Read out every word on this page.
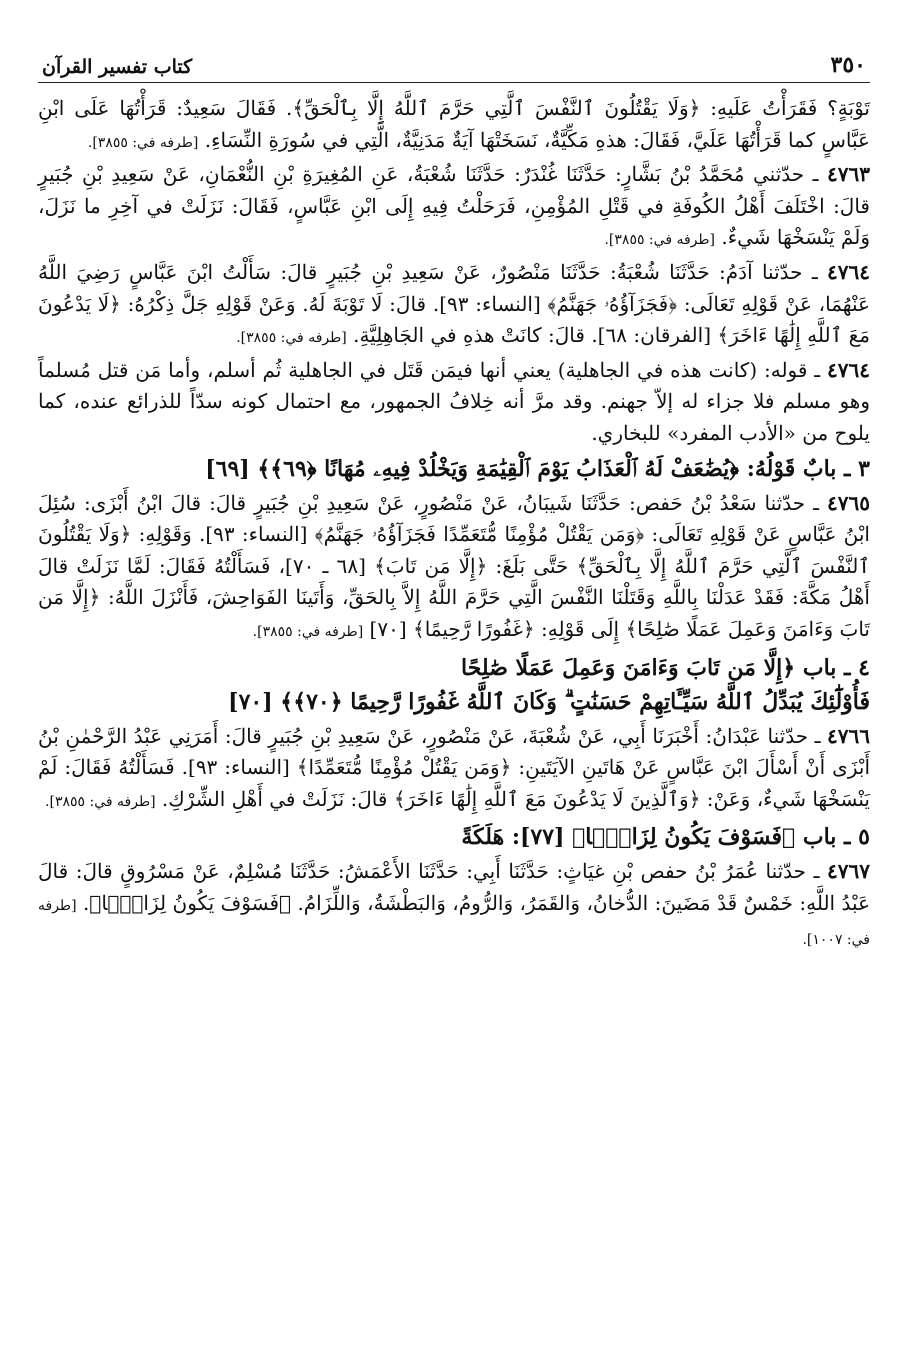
٣٥٠
كتاب تفسير القرآن

تَوْبَةٍ؟ فَقَرَأْتُ عَلَيهِ: ﴿وَلَا يَقْتُلُونَ ٱلنَّفْسَ ٱلَّتِي حَرَّمَ ٱللَّهُ إِلَّا بِٱلْحَقِّ﴾. فَقَالَ سَعِيدٌ: قَرَأْتُهَا عَلَى ابْنِ عَبَّاسٍ كما قَرَأْتُهَا عَلَيَّ، فَقَالَ: هذهِ مَكِّيَّةٌ، نَسَخَتْهَا آيَةٌ مَدَنِيَّةٌ، الَّتِي في سُورَةِ النِّسَاءِ. [طرفه في: ٣٨٥٥].

٤٧٦٣ ـ حدّثني مُحَمَّدُ بْنُ بَشَّارٍ: حَدَّثَنَا غُنْدَرٌ: حَدَّثَنَا شُعْبَةُ، عَنِ المُغِيرَةِ بْنِ النُّعْمَانِ، عَنْ سَعِيدِ بْنِ جُبَيرٍ قالَ: اخْتَلَفَ أَهْلُ الكُوفَةِ في قَتْلِ المُؤْمِنِ، فَرَحَلْتُ فِيهِ إِلَى ابْنِ عَبَّاسٍ، فَقَالَ: نَزَلَتْ في آخِرِ ما نَزَلَ، وَلَمْ يَنْسَخْهَا شَيءٌ. [طرفه في: ٣٨٥٥].

٤٧٦٤ ـ حدّثنا آدَمُ: حَدَّثَنَا شُعْبَةُ: حَدَّثَنَا مَنْصُورٌ، عَنْ سَعِيدِ بْنِ جُبَيرٍ قالَ: سَأَلْتُ ابْنَ عَبَّاسٍ رَضِيَ اللَّهُ عَنْهُمَا، عَنْ قَوْلِهِ تَعَالَى: ﴿فَجَزَآؤُهُۥ جَهَنَّمُ﴾ [النساء: ٩٣]. قالَ: لَا تَوْبَةَ لَهُ. وَعَنْ قَوْلِهِ جَلَّ ذِكْرُهُ: ﴿لَا يَدْعُونَ مَعَ ٱللَّهِ إِلَٰهًا ءَاخَرَ﴾ [الفرقان: ٦٨]. قالَ: كانَتْ هذهِ في الجَاهِلِيَّةِ. [طرفه في: ٣٨٥٥].

٤٧٦٤ ـ قوله: (كانت هذه في الجاهلية) يعني أنها فيمَن قَتَل في الجاهلية ثُم أسلم، وأما مَن قتل مُسلماً وهو مسلم فلا جزاء له إلاّ جهنم. وقد مرَّ أنه خِلافُ الجمهور، مع احتمال كونه سدّاً للذرائع عنده، كما يلوح من «الأدب المفرد» للبخاري.

٣ ـ بابٌ قَوْلُهُ: ﴿يُضَٰعَفْ لَهُ ٱلْعَذَابُ يَوْمَ ٱلْقِيَٰمَةِ وَيَخْلُدْ فِيهِۦ مُهَانًا ﴿٦٩﴾﴾ [٦٩]

٤٧٦٥ ـ حدّثنا سَعْدُ بْنُ حَفص: حَدَّثَنَا شَيبَانُ، عَنْ مَنْصُورٍ، عَنْ سَعِيدِ بْنِ جُبَيرٍ قالَ: قالَ ابْنُ أَبْزَى: سُئِلَ ابْنُ عَبَّاسٍ عَنْ قَوْلِهِ تَعَالَى: ﴿وَمَن يَقْتُلْ مُؤْمِنًا مُّتَعَمِّدًا فَجَزَآؤُهُۥ جَهَنَّمُ﴾ [النساء: ٩٣]. وَقَوْلِهِ: ﴿وَلَا يَقْتُلُونَ ٱلنَّفْسَ ٱلَّتِي حَرَّمَ ٱللَّهُ إِلَّا بِٱلْحَقِّ﴾ حَتَّى بَلَغَ: ﴿إِلَّا مَن تَابَ﴾ [٦٨ ـ ٧٠]، فَسَأَلْتُهُ فَقَالَ: لَمَّا نَزَلَتْ قالَ أَهْلُ مَكَّةَ: فَقَدْ عَدَلْنَا بِاللَّهِ وَقَتَلْنَا النَّفْسَ الَّتِي حَرَّمَ اللَّهُ إِلاَّ بِالحَقِّ، وَأَتَينَا الفَوَاحِشَ، فَأَنْزَلَ اللَّهُ: ﴿إِلَّا مَن تَابَ وَءَامَنَ وَعَمِلَ عَمَلًا صَٰلِحًا﴾ إِلَى قَوْلِهِ: ﴿غَفُورًا رَّحِيمًا﴾ [٧٠] [طرفه في: ٣٨٥٥].

٤ ـ باب ﴿إِلَّا مَن تَابَ وَءَامَنَ وَعَمِلَ عَمَلًا صَٰلِحًا
فَأُوْلَٰٓئِكَ يُبَدِّلُ ٱللَّهُ سَيِّـَٔاتِهِمْ حَسَنَٰتٍ ۗ وَكَانَ ٱللَّهُ غَفُورًا رَّحِيمًا ﴿٧٠﴾﴾ [٧٠]

٤٧٦٦ ـ حدّثنا عَبْدَانُ: أَخْبَرَنَا أَبِي، عَنْ شُعْبَةَ، عَنْ مَنْصُورٍ، عَنْ سَعِيدِ بْنِ جُبَيرٍ قالَ: أَمَرَنِي عَبْدُ الرَّحْمٰنِ بْنُ أَبْزَى أَنْ أَسْأَلَ ابْنَ عَبَّاسٍ عَنْ هَاتَينِ الآيَتَينِ: ﴿وَمَن يَقْتُلْ مُؤْمِنًا مُّتَعَمِّدًا﴾ [النساء: ٩٣]. فَسَأَلْتُهُ فَقَالَ: لَمْ يَنْسَخْهَا شَيءٌ، وَعَنْ: ﴿وَٱلَّذِينَ لَا يَدْعُونَ مَعَ ٱللَّهِ إِلَٰهًا ءَاخَرَ﴾ قالَ: نَزَلَتْ في أَهْلِ الشِّرْكِ. [طرفه في: ٣٨٥٥].

٥ ـ باب ﴿فَسَوْفَ يَكُونُ لِزَامًۢا﴾ [٧٧]: هَلَكَةً

٤٧٦٧ ـ حدّثنا عُمَرُ بْنُ حفص بْنِ غيَاثٍ: حَدَّثَنَا أَبِي: حَدَّثَنَا الأَعْمَشُ: حَدَّثَنَا مُسْلِمٌ، عَنْ مَسْرُوقٍ قالَ: قالَ عَبْدُ اللَّهِ: خَمْسٌ قَدْ مَضَينَ: الدُّخانُ، وَالقَمَرُ، وَالرُّومُ، وَالبَطْشَةُ، وَاللِّزَامُ. ﴿فَسَوْفَ يَكُونُ لِزَامًۢا﴾. [طرفه في: ١٠٠٧].
